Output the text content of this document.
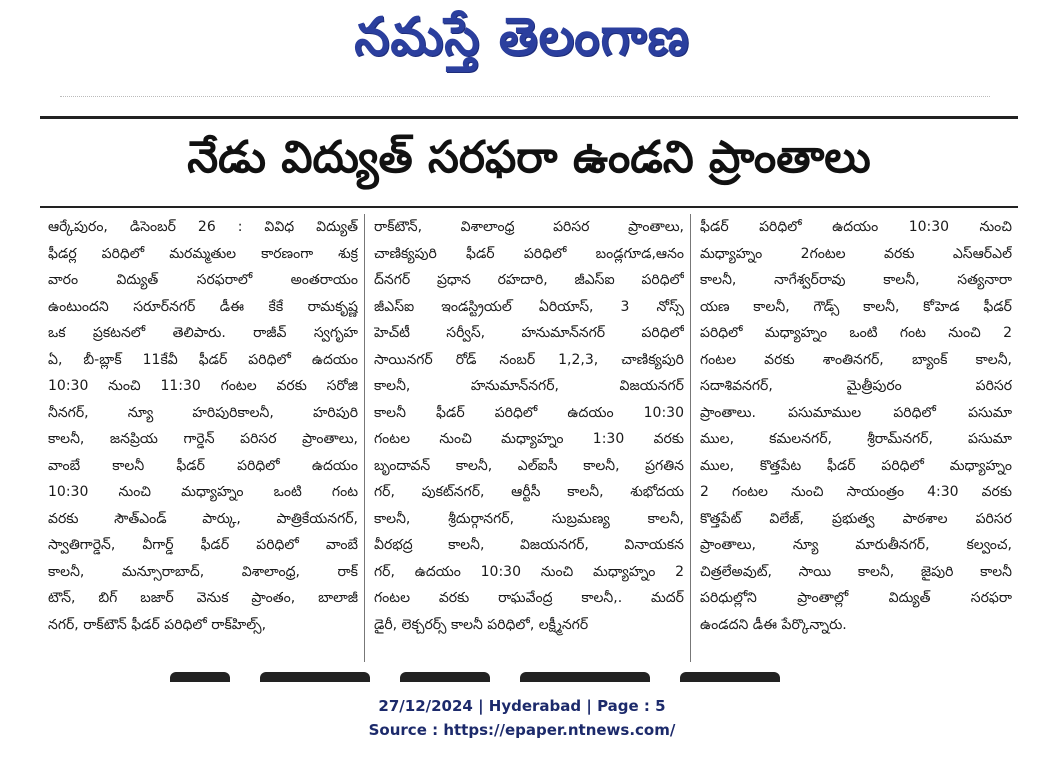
నమస్తే తెలంగాణ
నేడు విద్యుత్ సరఫరా ఉండని ప్రాంతాలు
ఆర్కేపురం, డిసెంబర్ 26 : వివిధ విద్యుత్
ఫీడర్ల పరిధిలో మరమ్మతుల కారణంగా శుక్ర
వారం విద్యుత్ సరఫరాలో అంతరాయం
ఉంటుందని సరూర్‌నగర్ డీఈ కేకే రామకృష్ణ
ఒక ప్రకటనలో తెలిపారు. రాజీవ్ స్వగృహ
ఏ, బీ-బ్లాక్ 11కేవీ ఫీడర్ పరిధిలో ఉదయం
10:30 నుంచి 11:30 గంటల వరకు సరోజి
నీనగర్, న్యూ హరిపురికాలనీ, హరిపురి
కాలనీ, జనప్రియ గార్డెన్ పరిసర ప్రాంతాలు,
వాంబే కాలనీ ఫీడర్ పరిధిలో ఉదయం
10:30 నుంచి మధ్యాహ్నం ఒంటి గంట
వరకు సౌత్‌ఎండ్ పార్కు, పాత్రికేయనగర్,
స్వాతిగార్డెన్, వీగార్డ్ ఫీడర్ పరిధిలో వాంబే
కాలనీ, మన్సూరాబాద్, విశాలాంధ్ర, రాక్
టౌన్, బిగ్ బజార్ వెనుక ప్రాంతం, బాలాజీ
నగర్, రాక్‌టౌన్ ఫీడర్ పరిధిలో రాక్‌హిల్స్,
రాక్‌టౌన్, విశాలాంధ్ర పరిసర ప్రాంతాలు,
చాణిక్యపురి ఫీడర్ పరిధిలో బండ్లగూడ,ఆనం
ద్‌నగర్ ప్రధాన రహదారి, జీఎస్ఐ పరిధిలో
జీఎస్ఐ ఇండస్ట్రియల్ ఏరియాస్, 3 నోస్స్
హెచ్‌టీ సర్వీస్, హనుమాన్‌నగర్ పరిధిలో
సాయినగర్ రోడ్ నంబర్ 1,2,3, చాణిక్యపురి
కాలనీ, హనుమాన్‌నగర్, విజయనగర్
కాలనీ ఫీడర్ పరిధిలో ఉదయం 10:30
గంటల నుంచి మధ్యాహ్నం 1:30 వరకు
బృందావన్ కాలనీ, ఎల్ఐసీ కాలనీ, ప్రగతిన
గర్, పుకట్‌నగర్, ఆర్టీసీ కాలనీ, శుభోదయ
కాలనీ, శ్రీదుర్గానగర్, సుబ్రమణ్య కాలనీ,
వీరభద్ర కాలనీ, విజయనగర్, వినాయకన
గర్, ఉదయం 10:30 నుంచి మధ్యాహ్నం 2
గంటల వరకు రాఘవేంద్ర కాలనీ,. మదర్
డైరీ, లెక్చరర్స్ కాలనీ పరిధిలో, లక్ష్మీనగర్
ఫీడర్ పరిధిలో ఉదయం 10:30 నుంచి
మధ్యాహ్నం 2గంటల వరకు ఎస్ఆర్ఎల్
కాలనీ, నాగేశ్వర్‌రావు కాలనీ, సత్యనారా
యణ కాలనీ, గౌడ్స్ కాలనీ, కోహెడ ఫీడర్
పరిధిలో మధ్యాహ్నం ఒంటి గంట నుంచి 2
గంటల వరకు శాంతినగర్, బ్యాంక్ కాలనీ,
సదాశివనగర్, మైత్రీపురం పరిసర
ప్రాంతాలు. పసుమాముల పరిధిలో పసుమా
ముల, కమలనగర్, శ్రీరామ్‌నగర్, పసుమా
ముల, కొత్తపేట ఫీడర్ పరిధిలో మధ్యాహ్నం
2 గంటల నుంచి సాయంత్రం 4:30 వరకు
కొత్తపేట్ విలేజ్, ప్రభుత్వ పాఠశాల పరిసర
ప్రాంతాలు, న్యూ మారుతీనగర్, కల్వంచ,
చిత్రలేఅవుట్, సాయి కాలనీ, జైపురి కాలనీ
పరిధుల్లోని ప్రాంతాల్లో విద్యుత్ సరఫరా
ఉండదని డీఈ పేర్కొన్నారు.
27/12/2024 | Hyderabad | Page : 5
Source : https://epaper.ntnews.com/
